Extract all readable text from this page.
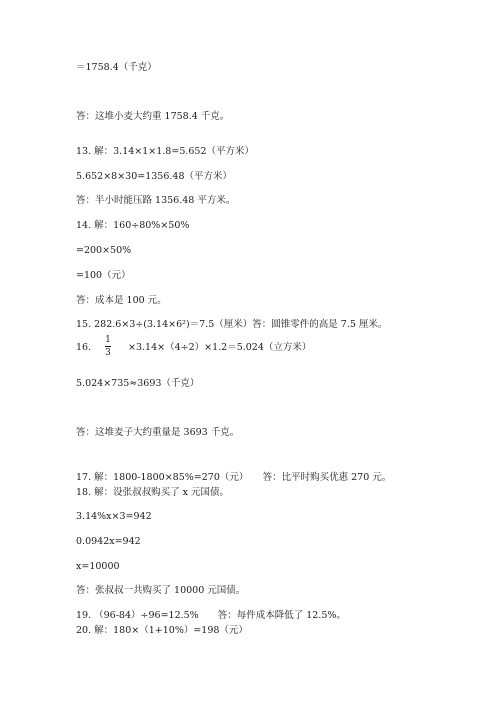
＝1758.4（千克）
答：这堆小麦大约重 1758.4 千克。
13. 解：3.14×1×1.8=5.652（平方米）
5.652×8×30=1356.48（平方米）
答：半小时能压路 1356.48 平方米。
14. 解：160÷80%×50%
=200×50%
=100（元）
答：成本是 100 元。
15. 282.6×3÷(3.14×6²)＝7.5（厘米）答：圆锥零件的高是 7.5 厘米。
16.
1
3 ×3.14×（4÷2）×1.2＝5.024（立方米）
5.024×735≈3693（千克）
答：这堆麦子大约重量是 3693 千克。
17. 解：1800-1800×85%=270（元）　　答：比平时购买优惠 270 元。
18. 解：设张叔叔购买了 x 元国债。
3.14%x×3=942
0.0942x=942
x=10000
答：张叔叔一共购买了 10000 元国债。
19. （96-84）÷96=12.5%　　答：每件成本降低了 12.5%。
20. 解：180×（1+10%）=198（元）
